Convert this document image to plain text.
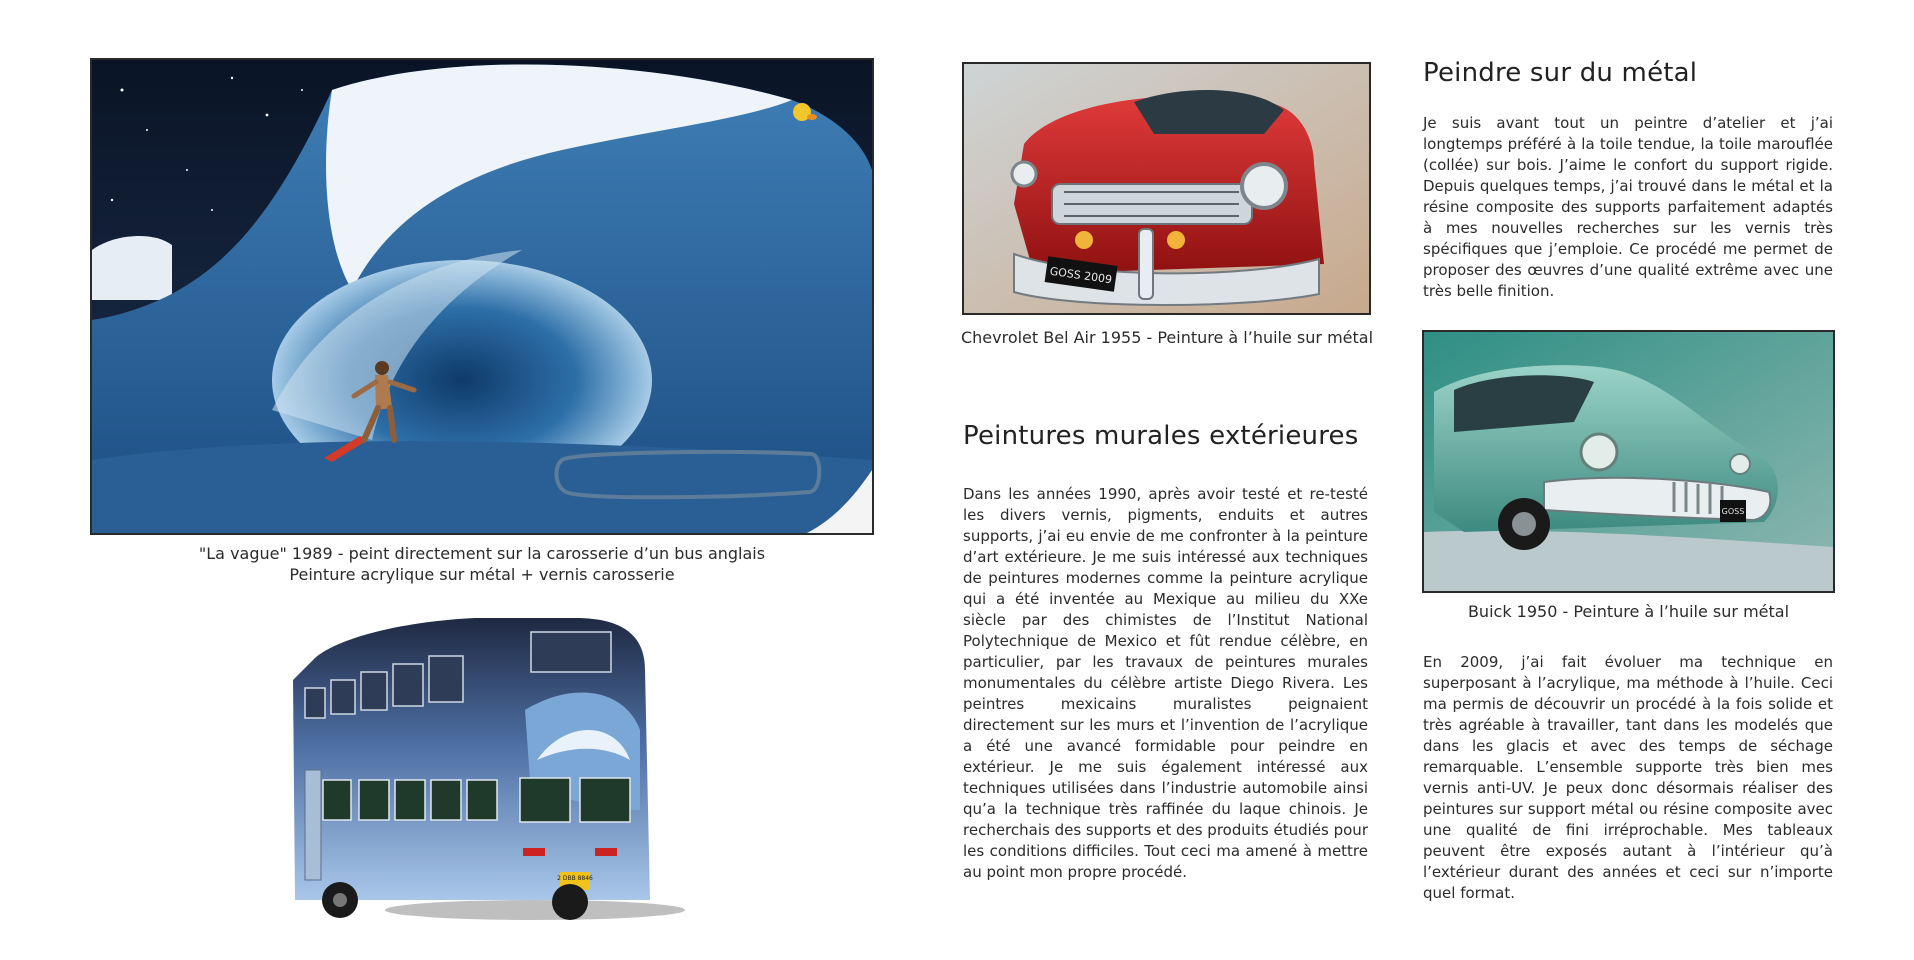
"La vague" 1989 - peint directement sur la carosserie d’un bus anglais
Peinture acrylique sur métal + vernis carosserie
2 DBB 8846
GOSS 2009
Chevrolet Bel Air 1955 - Peinture à l’huile sur métal
Peintures murales extérieures

Dans les années 1990, après avoir testé et re-testé les divers vernis, pigments, enduits et autres supports, j’ai eu envie de me confronter à la peinture d’art extérieure. Je me suis intéressé aux techniques de peintures modernes comme la peinture acrylique qui a été inventée au Mexique au milieu du XXe siècle par des chimistes de l’Institut National Polytechnique de Mexico et fût rendue célèbre, en particulier, par les travaux de peintures murales monumentales du célèbre artiste Diego Rivera. Les peintres mexicains muralistes peignaient directement sur les murs et l’invention de l’acrylique a été une avancé formidable pour peindre en extérieur. Je me suis également intéressé aux techniques utilisées dans l’industrie automobile ainsi qu’a la technique très raffinée du laque chinois. Je recherchais des supports et des produits étudiés pour les conditions difficiles. Tout ceci ma amené à mettre au point mon propre procédé.

Peindre sur du métal

Je suis avant tout un peintre d’atelier et j’ai longtemps préféré à la toile tendue, la toile marouflée (collée) sur bois. J’aime le confort du support rigide. Depuis quelques temps, j’ai trouvé dans le métal et la résine composite des supports parfaitement adaptés à mes nouvelles recherches sur les vernis très spécifiques que j’emploie. Ce procédé me permet de proposer des œuvres d’une qualité extrême avec une très belle finition.

GOSS
Buick 1950 - Peinture à l’huile sur métal

En 2009, j’ai fait évoluer ma technique en superposant à l’acrylique, ma méthode à l’huile. Ceci ma permis de découvrir un procédé à la fois solide et très agréable à travailler, tant dans les modelés que dans les glacis et avec des temps de séchage remarquable. L’ensemble supporte très bien mes vernis anti-UV. Je peux donc désormais réaliser des peintures sur support métal ou résine composite avec une qualité de fini irréprochable. Mes tableaux peuvent être exposés autant à l’intérieur qu’à l’extérieur durant des années et ceci sur n’importe quel format.
